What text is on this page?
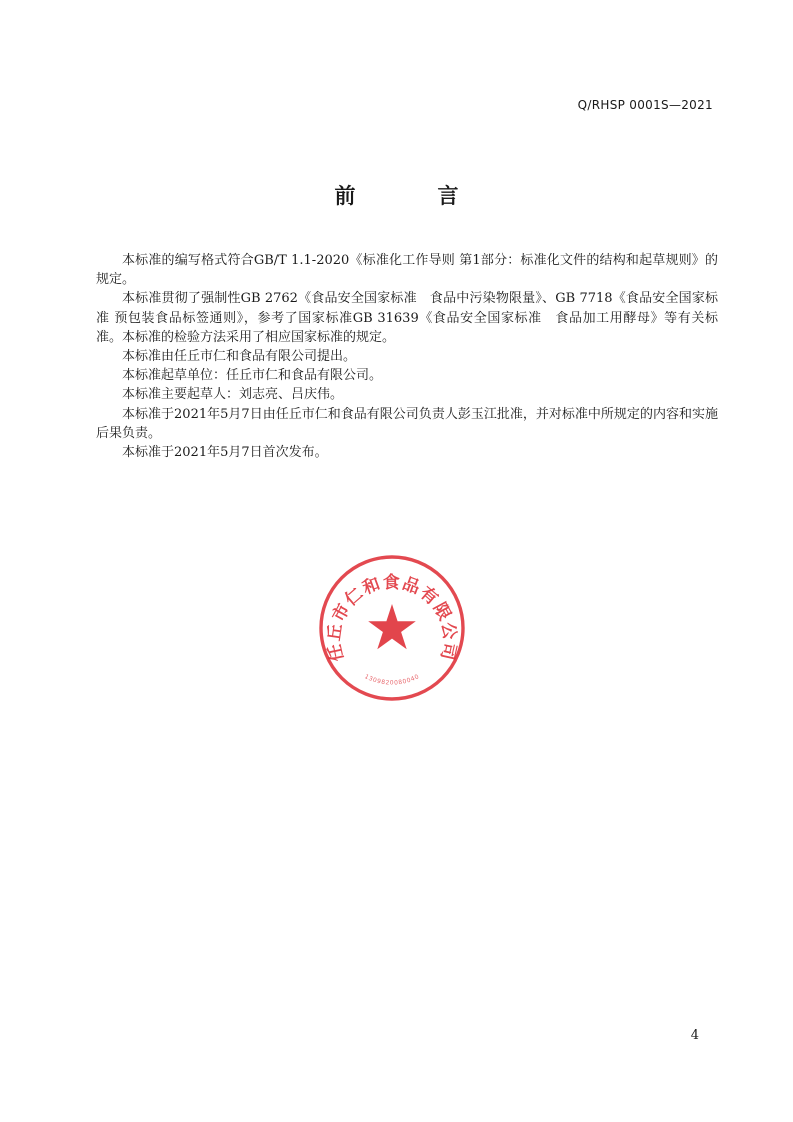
Q/RHSP 0001S—2021
前	言

本标准的编写格式符合GB/T 1.1-2020《标准化工作导则 第1部分：标准化文件的结构和起草规则》的规定。

本标准贯彻了强制性GB 2762《食品安全国家标准　食品中污染物限量》、GB 7718《食品安全国家标准 预包装食品标签通则》，参考了国家标准GB 31639《食品安全国家标准　食品加工用酵母》等有关标准。本标准的检验方法采用了相应国家标准的规定。

本标准由任丘市仁和食品有限公司提出。

本标准起草单位：任丘市仁和食品有限公司。

本标准主要起草人：刘志亮、吕庆伟。

本标准于2021年5月7日由任丘市仁和食品有限公司负责人彭玉江批准，并对标准中所规定的内容和实施后果负责。

本标准于2021年5月7日首次发布。

任丘市仁和食品有限公司
1309820080040
4
